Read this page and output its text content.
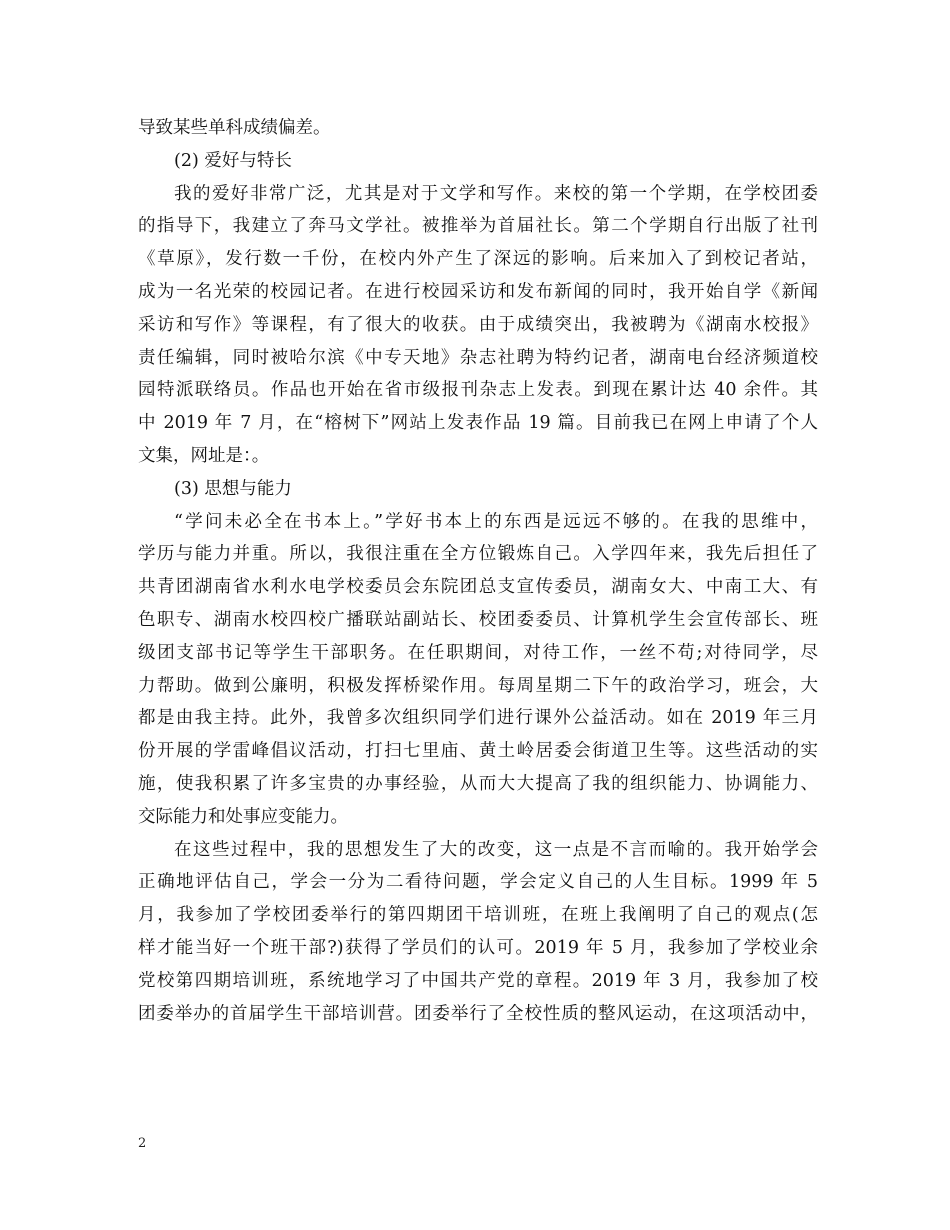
导致某些单科成绩偏差。
(2) 爱好与特长
我的爱好非常广泛，尤其是对于文学和写作。来校的第一个学期，在学校团委
的指导下，我建立了奔马文学社。被推举为首届社长。第二个学期自行出版了社刊
《草原》，发行数一千份，在校内外产生了深远的影响。后来加入了到校记者站，
成为一名光荣的校园记者。在进行校园采访和发布新闻的同时，我开始自学《新闻
采访和写作》等课程，有了很大的收获。由于成绩突出，我被聘为《湖南水校报》
责任编辑，同时被哈尔滨《中专天地》杂志社聘为特约记者，湖南电台经济频道校
园特派联络员。作品也开始在省市级报刊杂志上发表。到现在累计达 40 余件。其
中 2019 年 7 月，在“榕树下”网站上发表作品 19 篇。目前我已在网上申请了个人
文集，网址是：。
(3) 思想与能力
“学问未必全在书本上。”学好书本上的东西是远远不够的。在我的思维中，
学历与能力并重。所以，我很注重在全方位锻炼自己。入学四年来，我先后担任了
共青团湖南省水利水电学校委员会东院团总支宣传委员，湖南女大、中南工大、有
色职专、湖南水校四校广播联站副站长、校团委委员、计算机学生会宣传部长、班
级团支部书记等学生干部职务。在任职期间，对待工作，一丝不苟;对待同学，尽
力帮助。做到公廉明，积极发挥桥梁作用。每周星期二下午的政治学习，班会，大
都是由我主持。此外，我曾多次组织同学们进行课外公益活动。如在 2019 年三月
份开展的学雷峰倡议活动，打扫七里庙、黄土岭居委会街道卫生等。这些活动的实
施，使我积累了许多宝贵的办事经验，从而大大提高了我的组织能力、协调能力、
交际能力和处事应变能力。
在这些过程中，我的思想发生了大的改变，这一点是不言而喻的。我开始学会
正确地评估自己，学会一分为二看待问题，学会定义自己的人生目标。1999 年 5
月，我参加了学校团委举行的第四期团干培训班，在班上我阐明了自己的观点(怎
样才能当好一个班干部?)获得了学员们的认可。2019 年 5 月，我参加了学校业余
党校第四期培训班，系统地学习了中国共产党的章程。2019 年 3 月，我参加了校
团委举办的首届学生干部培训营。团委举行了全校性质的整风运动，在这项活动中，
2
